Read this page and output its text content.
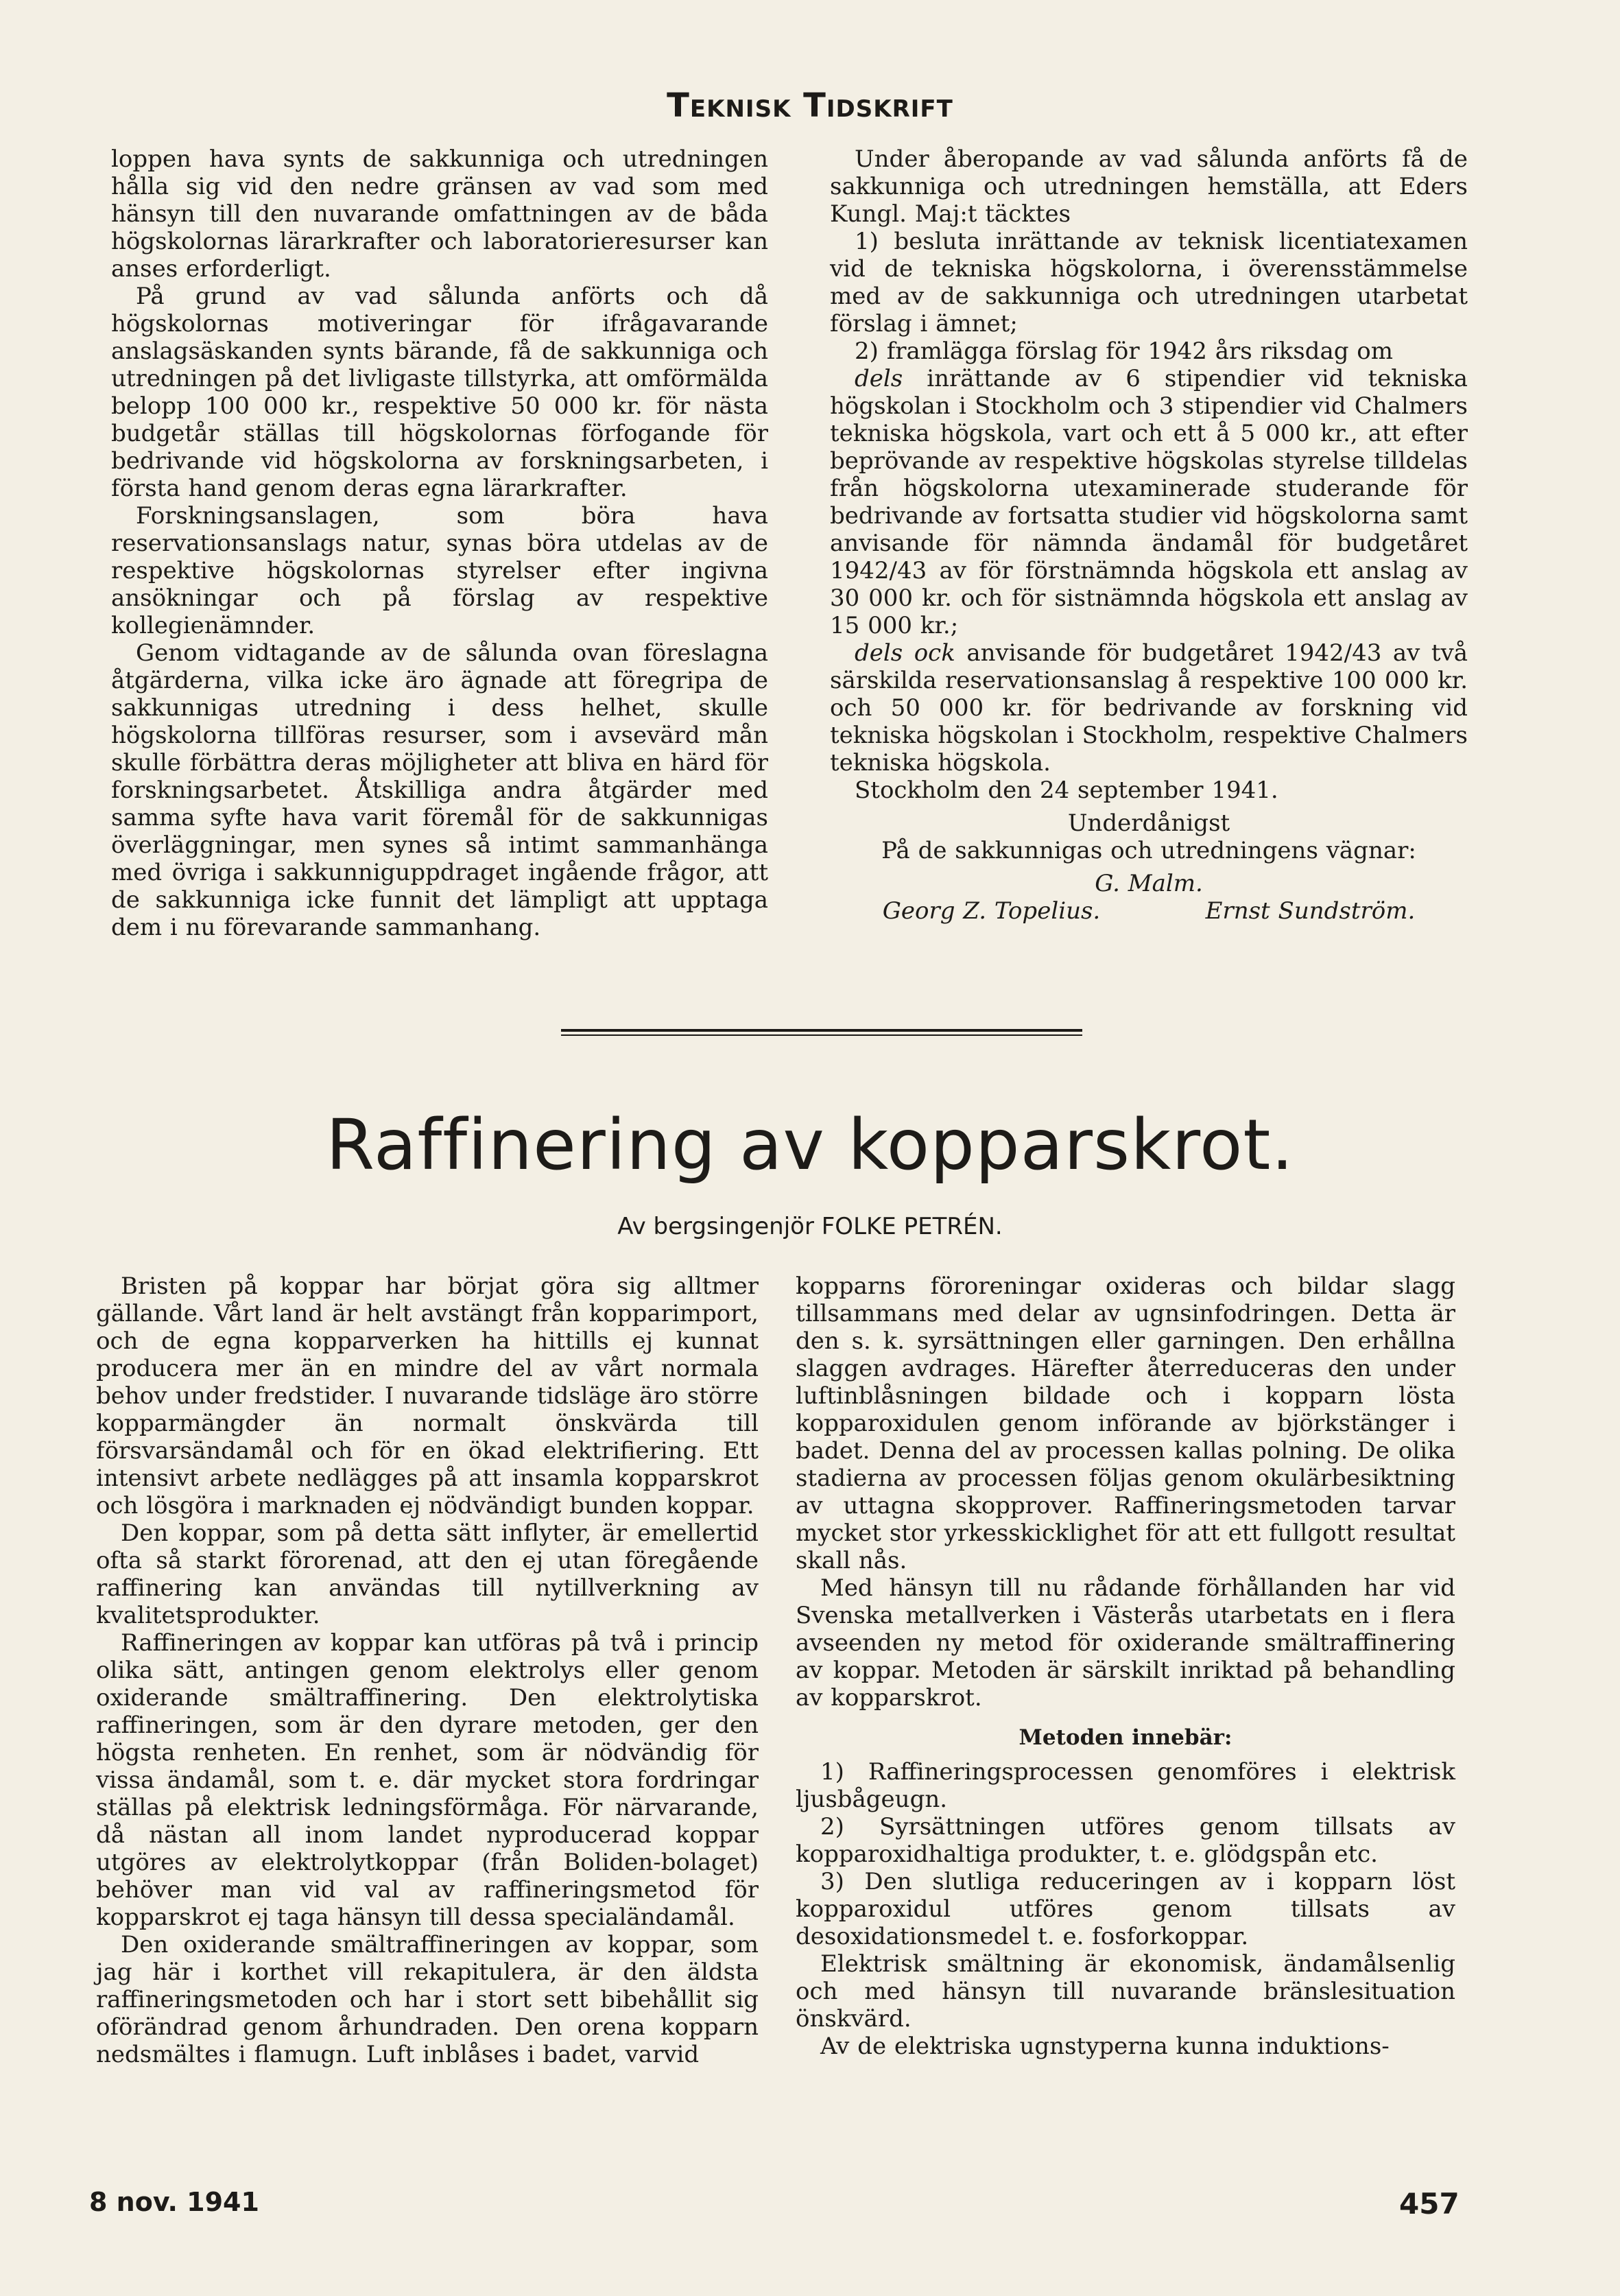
Teknisk Tidskrift

loppen hava synts de sakkunniga och utredningen hålla sig vid den nedre gränsen av vad som med hänsyn till den nuvarande omfattningen av de båda högskolornas lärarkrafter och laboratorieresurser kan anses erforderligt.

På grund av vad sålunda anförts och då högskolornas motiveringar för ifrågavarande anslagsäskanden synts bärande, få de sakkunniga och utredningen på det livligaste tillstyrka, att omförmälda belopp 100 000 kr., respektive 50 000 kr. för nästa budgetår ställas till högskolornas förfogande för bedrivande vid högskolorna av forskningsarbeten, i första hand genom deras egna lärarkrafter.

Forskningsanslagen, som böra hava reservationsanslags natur, synas böra utdelas av de respektive högskolornas styrelser efter ingivna ansökningar och på förslag av respektive kollegienämnder.

Genom vidtagande av de sålunda ovan föreslagna åtgärderna, vilka icke äro ägnade att föregripa de sakkunnigas utredning i dess helhet, skulle högskolorna tillföras resurser, som i avsevärd mån skulle förbättra deras möjligheter att bliva en härd för forskningsarbetet. Åtskilliga andra åtgärder med samma syfte hava varit föremål för de sakkunnigas överläggningar, men synes så intimt sammanhänga med övriga i sakkunniguppdraget ingående frågor, att de sakkunniga icke funnit det lämpligt att upptaga dem i nu förevarande sammanhang.

Under åberopande av vad sålunda anförts få de sakkunniga och utredningen hemställa, att Eders Kungl. Maj:t täcktes

1) besluta inrättande av teknisk licentiatexamen vid de tekniska högskolorna, i överensstämmelse med av de sakkunniga och utredningen utarbetat förslag i ämnet;

2) framlägga förslag för 1942 års riksdag om

dels inrättande av 6 stipendier vid tekniska högskolan i Stockholm och 3 stipendier vid Chalmers tekniska högskola, vart och ett å 5 000 kr., att efter beprövande av respektive högskolas styrelse tilldelas från högskolorna utexaminerade studerande för bedrivande av fortsatta studier vid högskolorna samt anvisande för nämnda ändamål för budgetåret 1942/43 av för förstnämnda högskola ett anslag av 30 000 kr. och för sistnämnda högskola ett anslag av 15 000 kr.;

dels ock anvisande för budgetåret 1942/43 av två särskilda reservationsanslag å respektive 100 000 kr. och 50 000 kr. för bedrivande av forskning vid tekniska högskolan i Stockholm, respektive Chalmers tekniska högskola.

Stockholm den 24 september 1941.

Underdånigst

På de sakkunnigas och utredningens vägnar:

G. Malm.

Georg Z. Topelius.	Ernst Sundström.

Raffinering av kopparskrot.
Av bergsingenjör FOLKE PETRÉN.

Bristen på koppar har börjat göra sig alltmer gällande. Vårt land är helt avstängt från kopparimport, och de egna kopparverken ha hittills ej kunnat producera mer än en mindre del av vårt normala behov under fredstider. I nuvarande tidsläge äro större kopparmängder än normalt önskvärda till försvarsändamål och för en ökad elektrifiering. Ett intensivt arbete nedlägges på att insamla kopparskrot och lösgöra i marknaden ej nödvändigt bunden koppar.

Den koppar, som på detta sätt inflyter, är emellertid ofta så starkt förorenad, att den ej utan föregående raffinering kan användas till nytillverkning av kvalitetsprodukter.

Raffineringen av koppar kan utföras på två i princip olika sätt, antingen genom elektrolys eller genom oxiderande smältraffinering. Den elektrolytiska raffineringen, som är den dyrare metoden, ger den högsta renheten. En renhet, som är nödvändig för vissa ändamål, som t. e. där mycket stora fordringar ställas på elektrisk ledningsförmåga. För närvarande, då nästan all inom landet nyproducerad koppar utgöres av elektrolytkoppar (från Boliden-bolaget) behöver man vid val av raffineringsmetod för kopparskrot ej taga hänsyn till dessa specialändamål.

Den oxiderande smältraffineringen av koppar, som jag här i korthet vill rekapitulera, är den äldsta raffineringsmetoden och har i stort sett bibehållit sig oförändrad genom århundraden. Den orena kopparn nedsmältes i flamugn. Luft inblåses i badet, varvid

kopparns föroreningar oxideras och bildar slagg tillsammans med delar av ugnsinfodringen. Detta är den s. k. syrsättningen eller garningen. Den erhållna slaggen avdrages. Härefter återreduceras den under luftinblåsningen bildade och i kopparn lösta kopparoxidulen genom införande av björkstänger i badet. Denna del av processen kallas polning. De olika stadierna av processen följas genom okulärbesiktning av uttagna skopprover. Raffineringsmetoden tarvar mycket stor yrkesskicklighet för att ett fullgott resultat skall nås.

Med hänsyn till nu rådande förhållanden har vid Svenska metallverken i Västerås utarbetats en i flera avseenden ny metod för oxiderande smältraffinering av koppar. Metoden är särskilt inriktad på behandling av kopparskrot.

Metoden innebär:

1) Raffineringsprocessen genomföres i elektrisk ljusbågeugn.

2) Syrsättningen utföres genom tillsats av kopparoxidhaltiga produkter, t. e. glödgspån etc.

3) Den slutliga reduceringen av i kopparn löst kopparoxidul utföres genom tillsats av desoxidationsmedel t. e. fosforkoppar.

Elektrisk smältning är ekonomisk, ändamålsenlig och med hänsyn till nuvarande bränslesituation önskvärd.

Av de elektriska ugnstyperna kunna induktions-

8 nov. 1941	457
